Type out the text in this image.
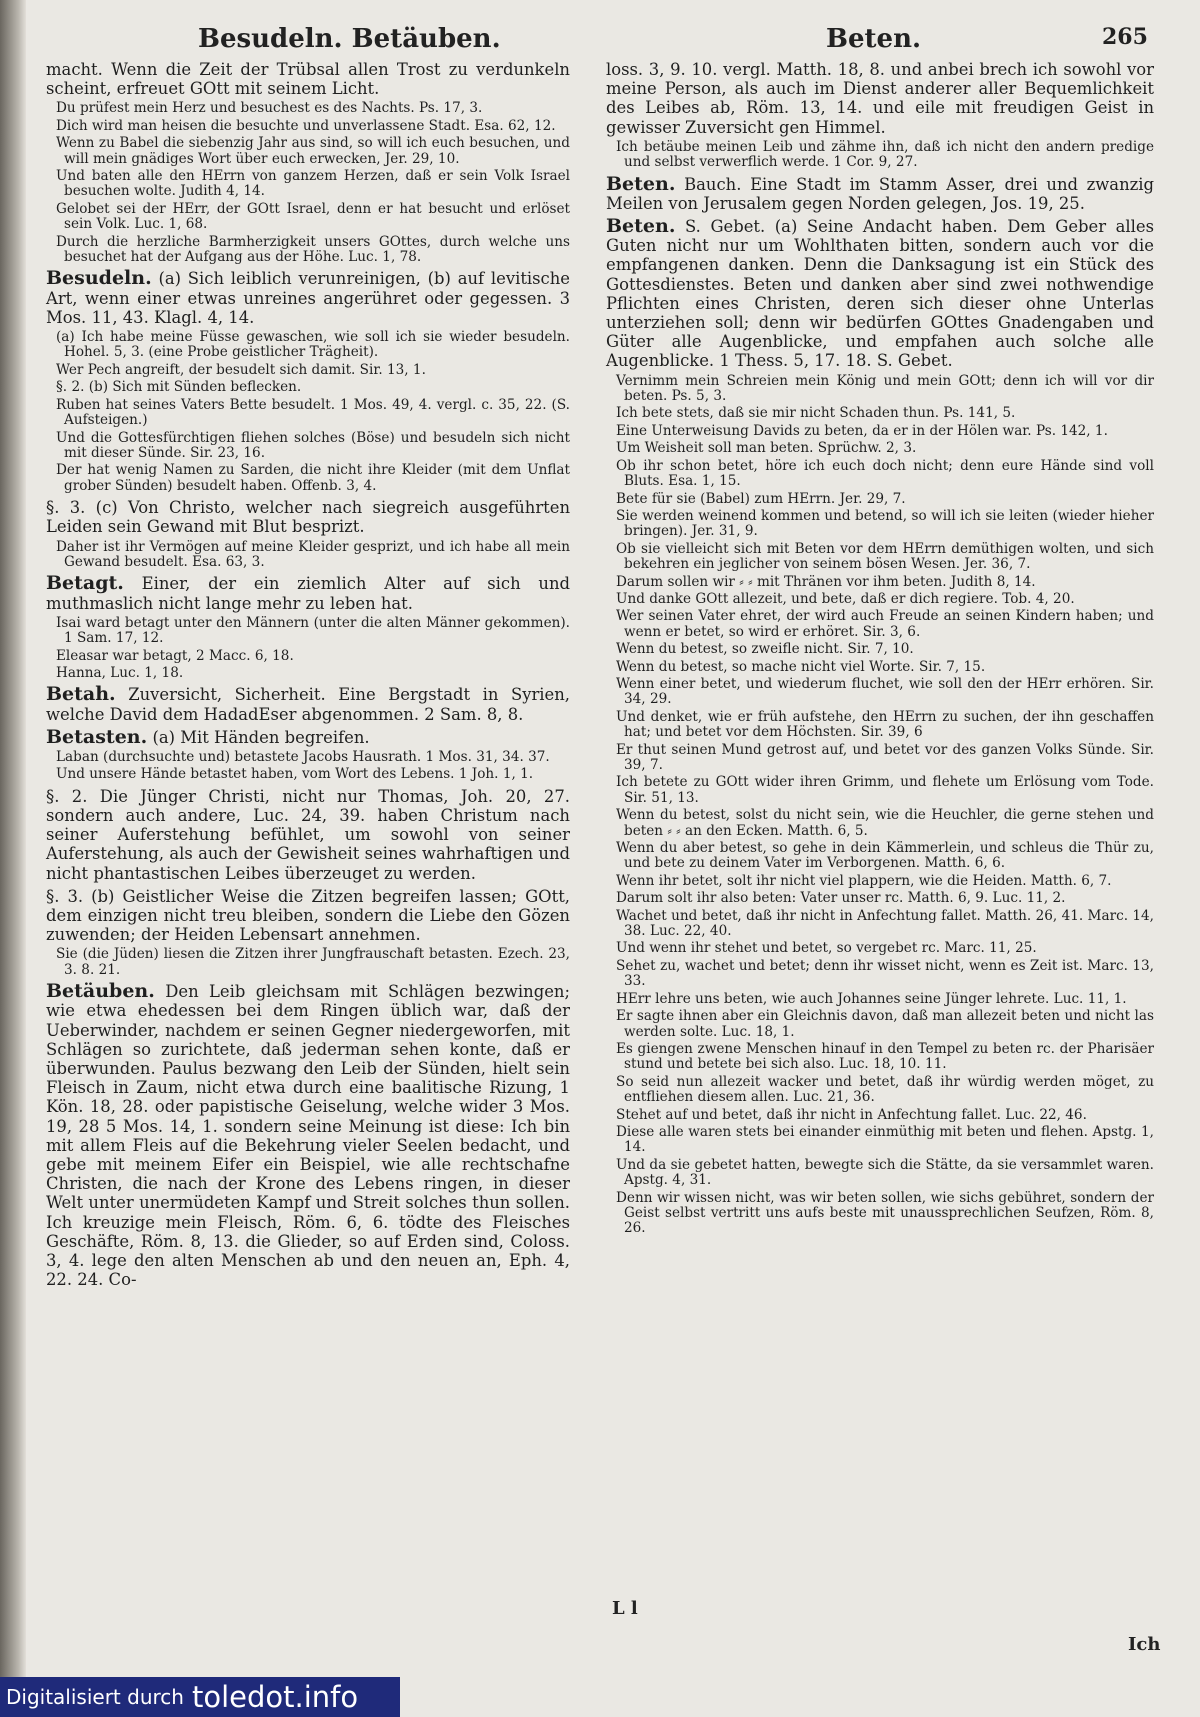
Besudeln. Betäuben.	Beten.	265

macht. Wenn die Zeit der Trübsal allen Trost zu verdunkeln scheint, erfreuet GOtt mit seinem Licht.

Du prüfest mein Herz und besuchest es des Nachts. Ps. 17, 3.

Dich wird man heisen die besuchte und unverlassene Stadt. Esa. 62, 12.

Wenn zu Babel die siebenzig Jahr aus sind, so will ich euch besuchen, und will mein gnädiges Wort über euch erwecken, Jer. 29, 10.

Und baten alle den HErrn von ganzem Herzen, daß er sein Volk Israel besuchen wolte. Judith 4, 14.

Gelobet sei der HErr, der GOtt Israel, denn er hat besucht und erlöset sein Volk. Luc. 1, 68.

Durch die herzliche Barmherzigkeit unsers GOttes, durch welche uns besuchet hat der Aufgang aus der Höhe. Luc. 1, 78.

Besudeln. (a) Sich leiblich verunreinigen, (b) auf levitische Art, wenn einer etwas unreines angerühret oder gegessen. 3 Mos. 11, 43. Klagl. 4, 14.

(a) Ich habe meine Füsse gewaschen, wie soll ich sie wieder besudeln. Hohel. 5, 3. (eine Probe geistlicher Trägheit).

Wer Pech angreift, der besudelt sich damit. Sir. 13, 1.

§. 2. (b) Sich mit Sünden beflecken.

Ruben hat seines Vaters Bette besudelt. 1 Mos. 49, 4. vergl. c. 35, 22. (S. Aufsteigen.)

Und die Gottesfürchtigen fliehen solches (Böse) und besudeln sich nicht mit dieser Sünde. Sir. 23, 16.

Der hat wenig Namen zu Sarden, die nicht ihre Kleider (mit dem Unflat grober Sünden) besudelt haben. Offenb. 3, 4.

§. 3. (c) Von Christo, welcher nach siegreich ausgeführten Leiden sein Gewand mit Blut besprizt.

Daher ist ihr Vermögen auf meine Kleider gesprizt, und ich habe all mein Gewand besudelt. Esa. 63, 3.

Betagt. Einer, der ein ziemlich Alter auf sich und muthmaslich nicht lange mehr zu leben hat.

Isai ward betagt unter den Männern (unter die alten Männer gekommen). 1 Sam. 17, 12.

Eleasar war betagt, 2 Macc. 6, 18.

Hanna, Luc. 1, 18.

Betah. Zuversicht, Sicherheit. Eine Bergstadt in Syrien, welche David dem HadadEser abgenommen. 2 Sam. 8, 8.

Betasten. (a) Mit Händen begreifen.

Laban (durchsuchte und) betastete Jacobs Hausrath. 1 Mos. 31, 34. 37.

Und unsere Hände betastet haben, vom Wort des Lebens. 1 Joh. 1, 1.

§. 2. Die Jünger Christi, nicht nur Thomas, Joh. 20, 27. sondern auch andere, Luc. 24, 39. haben Christum nach seiner Auferstehung befühlet, um sowohl von seiner Auferstehung, als auch der Gewisheit seines wahrhaftigen und nicht phantastischen Leibes überzeuget zu werden.

§. 3. (b) Geistlicher Weise die Zitzen begreifen lassen; GOtt, dem einzigen nicht treu bleiben, sondern die Liebe den Gözen zuwenden; der Heiden Lebensart annehmen.

Sie (die Jüden) liesen die Zitzen ihrer Jungfrauschaft betasten. Ezech. 23, 3. 8. 21.

Betäuben. Den Leib gleichsam mit Schlägen bezwingen; wie etwa ehedessen bei dem Ringen üblich war, daß der Ueberwinder, nachdem er seinen Gegner niedergeworfen, mit Schlägen so zurichtete, daß jederman sehen konte, daß er überwunden. Paulus bezwang den Leib der Sünden, hielt sein Fleisch in Zaum, nicht etwa durch eine baalitische Rizung, 1 Kön. 18, 28. oder papistische Geiselung, welche wider 3 Mos. 19, 28 5 Mos. 14, 1. sondern seine Meinung ist diese: Ich bin mit allem Fleis auf die Bekehrung vieler Seelen bedacht, und gebe mit meinem Eifer ein Beispiel, wie alle rechtschafne Christen, die nach der Krone des Lebens ringen, in dieser Welt unter unermüdeten Kampf und Streit solches thun sollen. Ich kreuzige mein Fleisch, Röm. 6, 6. tödte des Fleisches Geschäfte, Röm. 8, 13. die Glieder, so auf Erden sind, Coloss. 3, 4. lege den alten Menschen ab und den neuen an, Eph. 4, 22. 24. Co-

loss. 3, 9. 10. vergl. Matth. 18, 8. und anbei brech ich sowohl vor meine Person, als auch im Dienst anderer aller Bequemlichkeit des Leibes ab, Röm. 13, 14. und eile mit freudigen Geist in gewisser Zuversicht gen Himmel.

Ich betäube meinen Leib und zähme ihn, daß ich nicht den andern predige und selbst verwerflich werde. 1 Cor. 9, 27.

Beten. Bauch. Eine Stadt im Stamm Asser, drei und zwanzig Meilen von Jerusalem gegen Norden gelegen, Jos. 19, 25.

Beten. S. Gebet. (a) Seine Andacht haben. Dem Geber alles Guten nicht nur um Wohlthaten bitten, sondern auch vor die empfangenen danken. Denn die Danksagung ist ein Stück des Gottesdienstes. Beten und danken aber sind zwei nothwendige Pflichten eines Christen, deren sich dieser ohne Unterlas unterziehen soll; denn wir bedürfen GOttes Gnadengaben und Güter alle Augenblicke, und empfahen auch solche alle Augenblicke. 1 Thess. 5, 17. 18. S. Gebet.

Vernimm mein Schreien mein König und mein GOtt; denn ich will vor dir beten. Ps. 5, 3.

Ich bete stets, daß sie mir nicht Schaden thun. Ps. 141, 5.

Eine Unterweisung Davids zu beten, da er in der Hölen war. Ps. 142, 1.

Um Weisheit soll man beten. Sprüchw. 2, 3.

Ob ihr schon betet, höre ich euch doch nicht; denn eure Hände sind voll Bluts. Esa. 1, 15.

Bete für sie (Babel) zum HErrn. Jer. 29, 7.

Sie werden weinend kommen und betend, so will ich sie leiten (wieder hieher bringen). Jer. 31, 9.

Ob sie vielleicht sich mit Beten vor dem HErrn demüthigen wolten, und sich bekehren ein jeglicher von seinem bösen Wesen. Jer. 36, 7.

Darum sollen wir ⸗ ⸗ mit Thränen vor ihm beten. Judith 8, 14.

Und danke GOtt allezeit, und bete, daß er dich regiere. Tob. 4, 20.

Wer seinen Vater ehret, der wird auch Freude an seinen Kindern haben; und wenn er betet, so wird er erhöret. Sir. 3, 6.

Wenn du betest, so zweifle nicht. Sir. 7, 10.

Wenn du betest, so mache nicht viel Worte. Sir. 7, 15.

Wenn einer betet, und wiederum fluchet, wie soll den der HErr erhören. Sir. 34, 29.

Und denket, wie er früh aufstehe, den HErrn zu suchen, der ihn geschaffen hat; und betet vor dem Höchsten. Sir. 39, 6

Er thut seinen Mund getrost auf, und betet vor des ganzen Volks Sünde. Sir. 39, 7.

Ich betete zu GOtt wider ihren Grimm, und flehete um Erlösung vom Tode. Sir. 51, 13.

Wenn du betest, solst du nicht sein, wie die Heuchler, die gerne stehen und beten ⸗ ⸗ an den Ecken. Matth. 6, 5.

Wenn du aber betest, so gehe in dein Kämmerlein, und schleus die Thür zu, und bete zu deinem Vater im Verborgenen. Matth. 6, 6.

Wenn ihr betet, solt ihr nicht viel plappern, wie die Heiden. Matth. 6, 7.

Darum solt ihr also beten: Vater unser rc. Matth. 6, 9. Luc. 11, 2.

Wachet und betet, daß ihr nicht in Anfechtung fallet. Matth. 26, 41. Marc. 14, 38. Luc. 22, 40.

Und wenn ihr stehet und betet, so vergebet rc. Marc. 11, 25.

Sehet zu, wachet und betet; denn ihr wisset nicht, wenn es Zeit ist. Marc. 13, 33.

HErr lehre uns beten, wie auch Johannes seine Jünger lehrete. Luc. 11, 1.

Er sagte ihnen aber ein Gleichnis davon, daß man allezeit beten und nicht las werden solte. Luc. 18, 1.

Es giengen zwene Menschen hinauf in den Tempel zu beten rc. der Pharisäer stund und betete bei sich also. Luc. 18, 10. 11.

So seid nun allezeit wacker und betet, daß ihr würdig werden möget, zu entfliehen diesem allen. Luc. 21, 36.

Stehet auf und betet, daß ihr nicht in Anfechtung fallet. Luc. 22, 46.

Diese alle waren stets bei einander einmüthig mit beten und flehen. Apstg. 1, 14.

Und da sie gebetet hatten, bewegte sich die Stätte, da sie versammlet waren. Apstg. 4, 31.

Denn wir wissen nicht, was wir beten sollen, wie sichs gebühret, sondern der Geist selbst vertritt uns aufs beste mit unaussprechlichen Seufzen, Röm. 8, 26.

L l
Ich
Digitalisiert durch toledot.info
